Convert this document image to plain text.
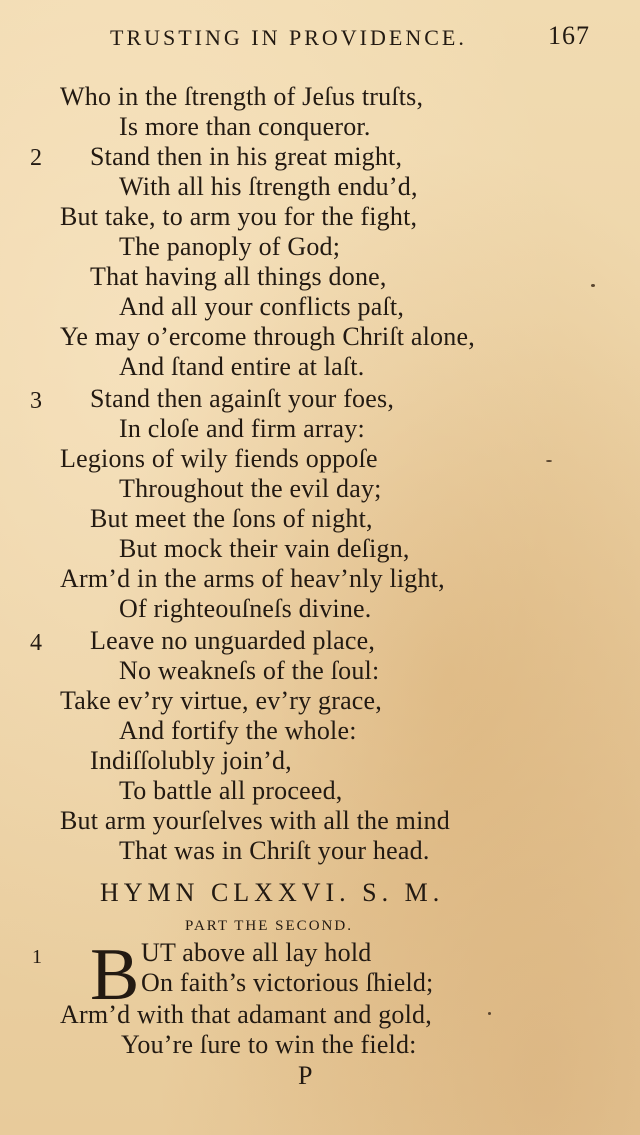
TRUSTING IN PROVIDENCE.	167
Who in the ſtrength of Jeſus truſts,
Is more than conqueror.
2 Stand then in his great might,
With all his ſtrength endu’d,
But take, to arm you for the fight,
The panoply of God;
That having all things done,
And all your conflicts paſt,
Ye may o’ercome through Chriſt alone,
And ſtand entire at laſt.
3 Stand then againſt your foes,
In cloſe and firm array:
Legions of wily fiends oppoſe
Throughout the evil day;
But meet the ſons of night,
But mock their vain deſign,
Arm’d in the arms of heav’nly light,
Of righteouſneſs divine.
4 Leave no unguarded place,
No weakneſs of the ſoul:
Take ev’ry virtue, ev’ry grace,
And fortify the whole:
Indiſſolubly join’d,
To battle all proceed,
But arm yourſelves with all the mind
That was in Chriſt your head.
HYMN CLXXVI. S. M.
PART THE SECOND.
1 B UT above all lay hold
On faith’s victorious ſhield;
Arm’d with that adamant and gold,
You’re ſure to win the field:
P
